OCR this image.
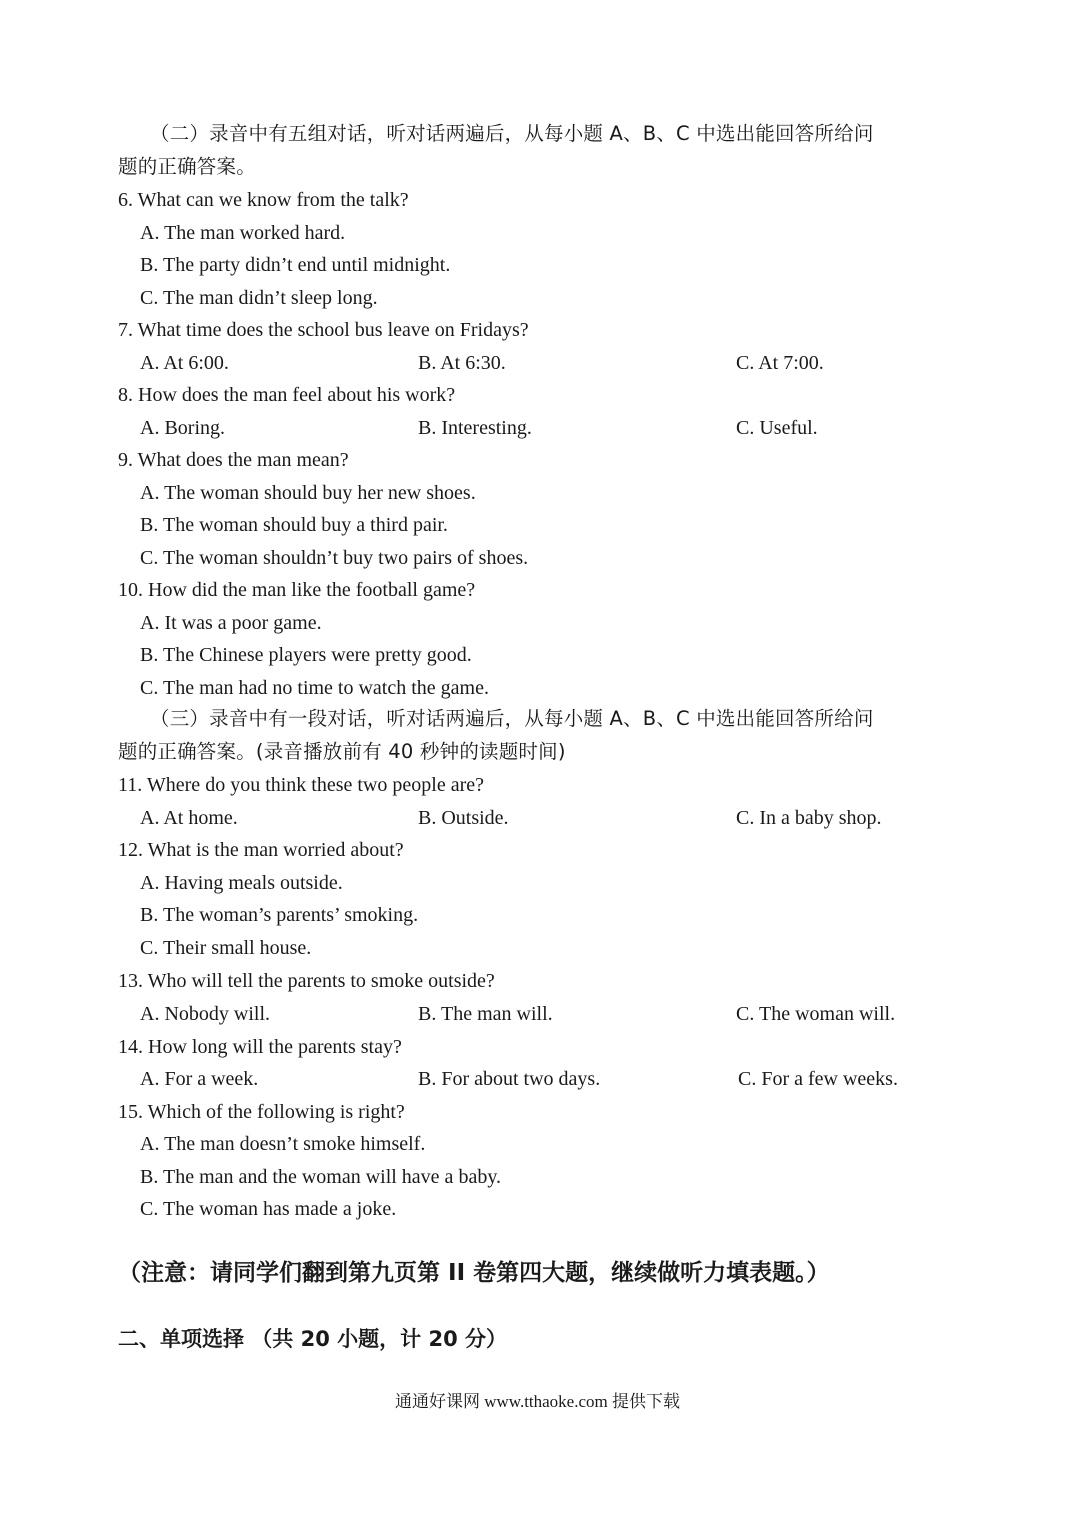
（二）录音中有五组对话，听对话两遍后，从每小题 A、B、C 中选出能回答所给问
题的正确答案。
6. What can we know from the talk?
A. The man worked hard.
B. The party didn’t end until midnight.
C. The man didn’t sleep long.
7. What time does the school bus leave on Fridays?
A. At 6:00.	B. At 6:30.	C. At 7:00.
8. How does the man feel about his work?
A. Boring.	B. Interesting.	C. Useful.
9. What does the man mean?
A. The woman should buy her new shoes.
B. The woman should buy a third pair.
C. The woman shouldn’t buy two pairs of shoes.
10. How did the man like the football game?
A. It was a poor game.
B. The Chinese players were pretty good.
C. The man had no time to watch the game.
（三）录音中有一段对话，听对话两遍后，从每小题 A、B、C 中选出能回答所给问
题的正确答案。(录音播放前有 40 秒钟的读题时间)
11. Where do you think these two people are?
A. At home.	B. Outside.	C. In a baby shop.
12. What is the man worried about?
A. Having meals outside.
B. The woman’s parents’ smoking.
C. Their small house.
13. Who will tell the parents to smoke outside?
A. Nobody will.	B. The man will.	C. The woman will.
14. How long will the parents stay?
A. For a week.	B. For about two days.	C. For a few weeks.
15. Which of the following is right?
A. The man doesn’t smoke himself.
B. The man and the woman will have a baby.
C. The woman has made a joke.
（注意：请同学们翻到第九页第 II 卷第四大题，继续做听力填表题。）
二、单项选择 （共 20 小题，计 20 分）
通通好课网 www.tthaoke.com 提供下载
